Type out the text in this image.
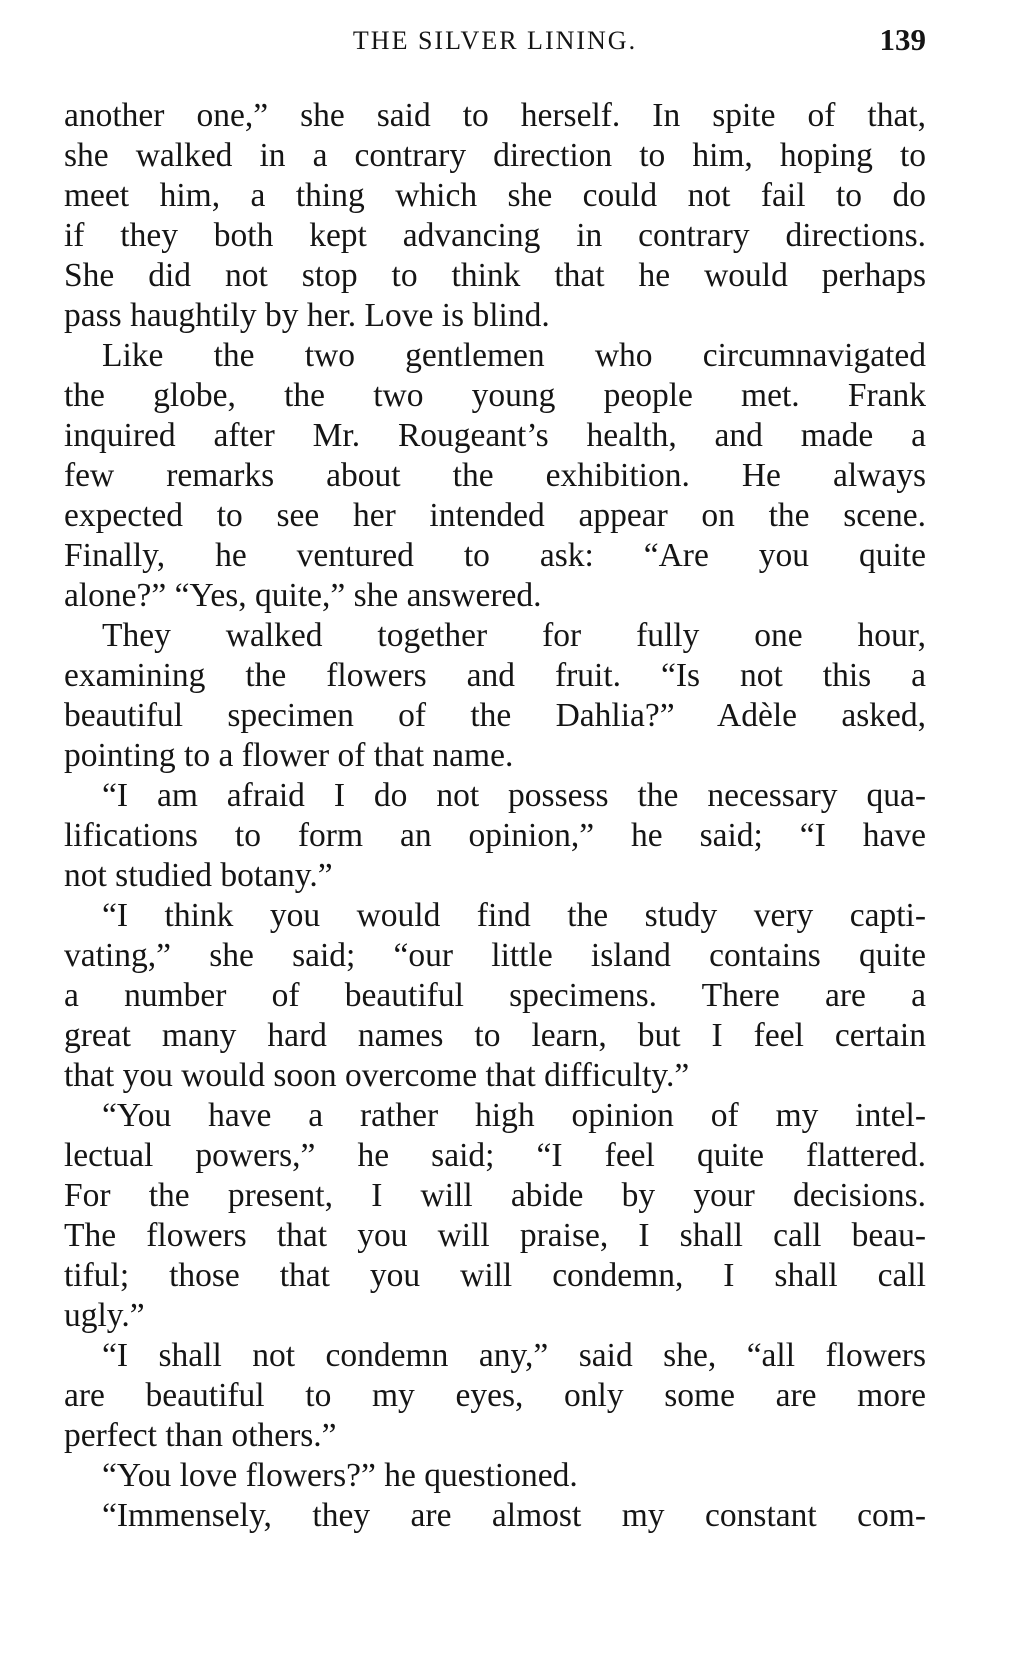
THE SILVER LINING.	139
another one,” she said to herself. In spite of that,
she walked in a contrary direction to him, hoping to
meet him, a thing which she could not fail to do
if they both kept advancing in contrary directions.
She did not stop to think that he would perhaps
pass haughtily by her. Love is blind.
Like the two gentlemen who circumnavigated
the globe, the two young people met. Frank
inquired after Mr. Rougeant’s health, and made a
few remarks about the exhibition. He always
expected to see her intended appear on the scene.
Finally, he ventured to ask: “Are you quite
alone?” “Yes, quite,” she answered.
They walked together for fully one hour,
examining the flowers and fruit. “Is not this a
beautiful specimen of the Dahlia?” Adèle asked,
pointing to a flower of that name.
“I am afraid I do not possess the necessary qua-
lifications to form an opinion,” he said; “I have
not studied botany.”
“I think you would find the study very capti-
vating,” she said; “our little island contains quite
a number of beautiful specimens. There are a
great many hard names to learn, but I feel certain
that you would soon overcome that difficulty.”
“You have a rather high opinion of my intel-
lectual powers,” he said; “I feel quite flattered.
For the present, I will abide by your decisions.
The flowers that you will praise, I shall call beau-
tiful; those that you will condemn, I shall call
ugly.”
“I shall not condemn any,” said she, “all flowers
are beautiful to my eyes, only some are more
perfect than others.”
“You love flowers?” he questioned.
“Immensely, they are almost my constant com-
